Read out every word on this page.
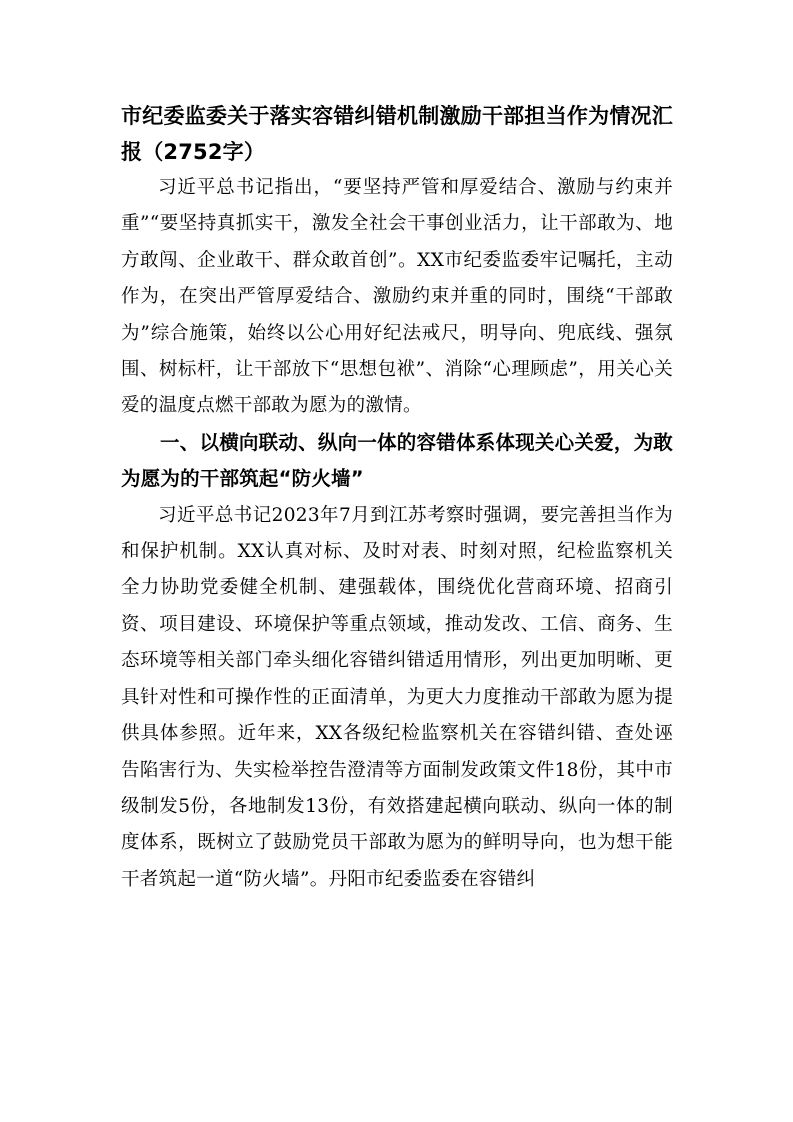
市纪委监委关于落实容错纠错机制激励干部担当作为情况汇报（2752字）

习近平总书记指出，“要坚持严管和厚爱结合、激励与约束并重”“要坚持真抓实干，激发全社会干事创业活力，让干部敢为、地方敢闯、企业敢干、群众敢首创”。XX市纪委监委牢记嘱托，主动作为，在突出严管厚爱结合、激励约束并重的同时，围绕“干部敢为”综合施策，始终以公心用好纪法戒尺，明导向、兜底线、强氛围、树标杆，让干部放下“思想包袱”、消除“心理顾虑”，用关心关爱的温度点燃干部敢为愿为的激情。

一、以横向联动、纵向一体的容错体系体现关心关爱，为敢为愿为的干部筑起“防火墙”

习近平总书记2023年7月到江苏考察时强调，要完善担当作为和保护机制。XX认真对标、及时对表、时刻对照，纪检监察机关全力协助党委健全机制、建强载体，围绕优化营商环境、招商引资、项目建设、环境保护等重点领域，推动发改、工信、商务、生态环境等相关部门牵头细化容错纠错适用情形，列出更加明晰、更具针对性和可操作性的正面清单，为更大力度推动干部敢为愿为提供具体参照。近年来，XX各级纪检监察机关在容错纠错、查处诬告陷害行为、失实检举控告澄清等方面制发政策文件18份，其中市级制发5份，各地制发13份，有效搭建起横向联动、纵向一体的制度体系，既树立了鼓励党员干部敢为愿为的鲜明导向，也为想干能干者筑起一道“防火墙”。丹阳市纪委监委在容错纠
